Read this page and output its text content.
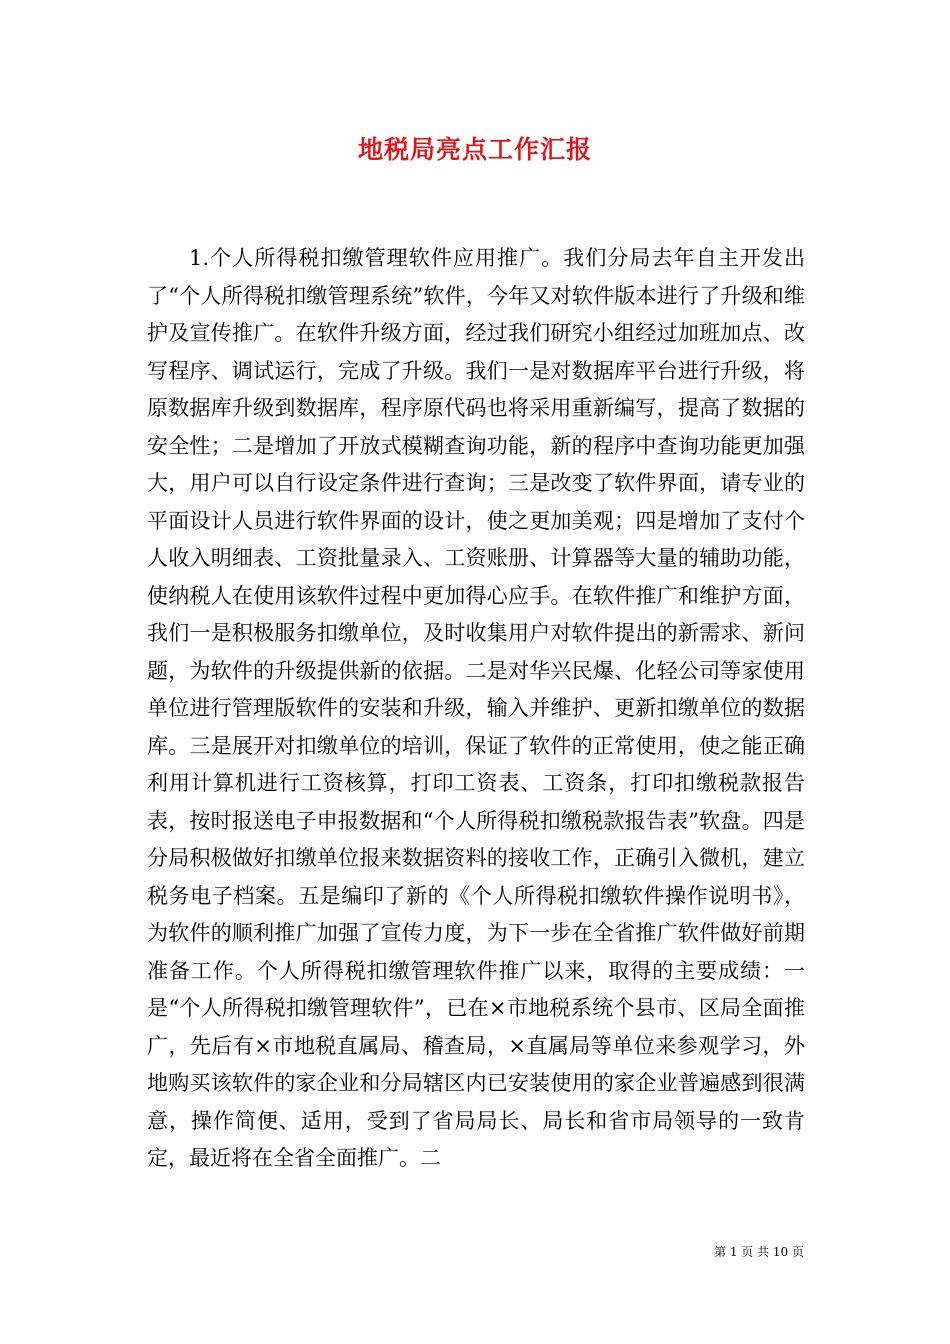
地税局亮点工作汇报

1.个人所得税扣缴管理软件应用推广。我们分局去年自主开发出了“个人所得税扣缴管理系统”软件，今年又对软件版本进行了升级和维护及宣传推广。在软件升级方面，经过我们研究小组经过加班加点、改写程序、调试运行，完成了升级。我们一是对数据库平台进行升级，将原数据库升级到数据库，程序原代码也将采用重新编写，提高了数据的安全性；二是增加了开放式模糊查询功能，新的程序中查询功能更加强大，用户可以自行设定条件进行查询；三是改变了软件界面，请专业的平面设计人员进行软件界面的设计，使之更加美观；四是增加了支付个人收入明细表、工资批量录入、工资账册、计算器等大量的辅助功能，使纳税人在使用该软件过程中更加得心应手。在软件推广和维护方面，我们一是积极服务扣缴单位，及时收集用户对软件提出的新需求、新问题，为软件的升级提供新的依据。二是对华兴民爆、化轻公司等家使用单位进行管理版软件的安装和升级，输入并维护、更新扣缴单位的数据库。三是展开对扣缴单位的培训，保证了软件的正常使用，使之能正确利用计算机进行工资核算，打印工资表、工资条，打印扣缴税款报告表，按时报送电子申报数据和“个人所得税扣缴税款报告表”软盘。四是分局积极做好扣缴单位报来数据资料的接收工作，正确引入微机，建立税务电子档案。五是编印了新的《个人所得税扣缴软件操作说明书》，为软件的顺利推广加强了宣传力度，为下一步在全省推广软件做好前期准备工作。个人所得税扣缴管理软件推广以来，取得的主要成绩：一是“个人所得税扣缴管理软件”，已在×市地税系统个县市、区局全面推广，先后有×市地税直属局、稽查局，×直属局等单位来参观学习，外地购买该软件的家企业和分局辖区内已安装使用的家企业普遍感到很满意，操作简便、适用，受到了省局局长、局长和省市局领导的一致肯定，最近将在全省全面推广。二

第 1 页 共 10 页
